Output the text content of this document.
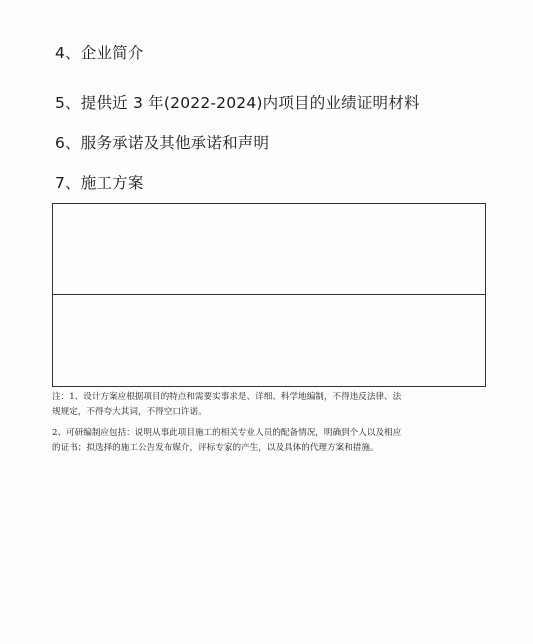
4、企业简介
5、提供近 3 年(2022-2024)内项目的业绩证明材料
6、服务承诺及其他承诺和声明
7、施工方案
注：1、设计方案应根据项目的特点和需要实事求是、详细、科学地编制，不得违反法律、法
规规定，不得夸大其词，不得空口许诺。
2、可研编制应包括：说明从事此项目施工的相关专业人员的配备情况，明确到个人以及相应
的证书；拟选择的施工公告发布媒介，评标专家的产生，以及具体的代理方案和措施。
